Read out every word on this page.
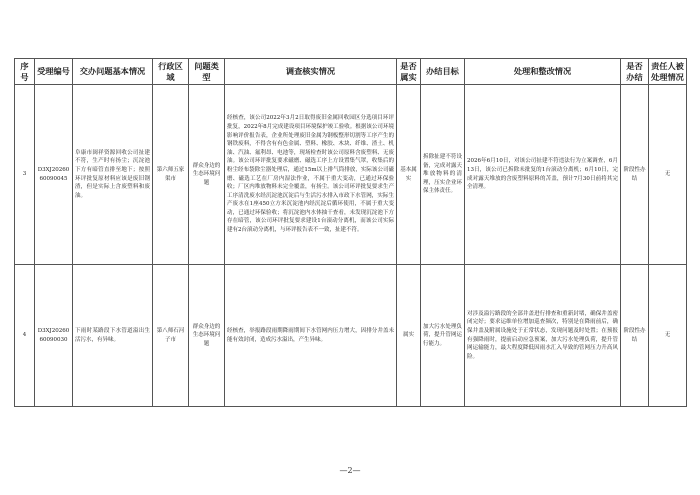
序号	受理编号	交办问题基本情况	行政区域	问题类型	调查核实情况	是否属实	办结目标	处理和整改情况	是否办结	责任人被处理情况
3	D3XJ2026060090045	阜康市闽祥资源回收公司扯建不符，生产时有扬尘；沉淀池下方有暗管直排至地下；按照环评批复原材料应该是废旧钢渣，但是实际上含废塑料和废油。	第六师五家渠市	群众身边的生态环境问题	经核查，该公司2022年3月2日取得废旧金属回收园区分选项目环评批复，2022年8月完成建设项目环境保护竣工验收。根据该公司环境影响评价报告表，企业所处理废旧金属为钢板整形切割等工序产生的钢铁废料，不得含有有色金属、塑料、橡胶、木块、纤维、渣土、机油、汽油、氟利昂、电池等，现场检查时该公司原料含废塑料、无废油。该公司环评批复要求磁磨、磁选工序上方设置集气罩，收集后的粉尘经布袋除尘器处理后，通过15m以上排气筒排放，实际该公司磁磨、磁选工艺在厂房内湿法作业，不属于重大变动，已通过环保验收；厂区内堆放物料未完全覆盖，有扬尘。该公司环评批复要求生产工序清洗废水经沉淀池沉淀后与生活污水排入市政下水管网，实际生产废水在1座450立方米沉淀池内经沉淀后循环使用，不属于重大变动，已通过环保验收；将沉淀池内水体抽干查看，未发现沉淀池下方存在暗管，该公司环评批复要求建设1台滚动分离机，而该公司实际建有2台滚动分离机，与环评报告表不一致，扯建不符。	基本属实	拆除扯建不符设备，完成对露天堆放物料的清理，压实企业环保主体责任。	2026年6月10日，对该公司扯建不符违法行为立案调查，6月13日，该公司已拆除未批复的1台滚动分离机；6月10日，完成对露天堆放的含废塑料原料的苫盖，预计7月30日前将其完全清理。	阶段性办结	无
4	D3XJ2026060090030	下雨时某路段下水管道溢出生活污水，有异味。	第八师石河子市	群众身边的生态环境问题	经核查，举报路段雨期降雨期间下水管网内压力增大，因排分井盖未能有效封闭，造成污水溢出，产生异味。	属实	加大污水处理负荷，提升管网运行能力。	对涉及溢污路段的全部井盖进行排查和重新封堵，确保井盖密闭完好；要求运维单位增加巡查频次，特别是在降雨前后，确保井盖及附属设施处于正常状态，发现问题及时处置；在预报有强降雨时，提前启动应急预案，加大污水处理负荷，提升管网运输能力，最大程度降低因雨水汇入导致的管网压力升高风险。	阶段性办结	无
—2—
